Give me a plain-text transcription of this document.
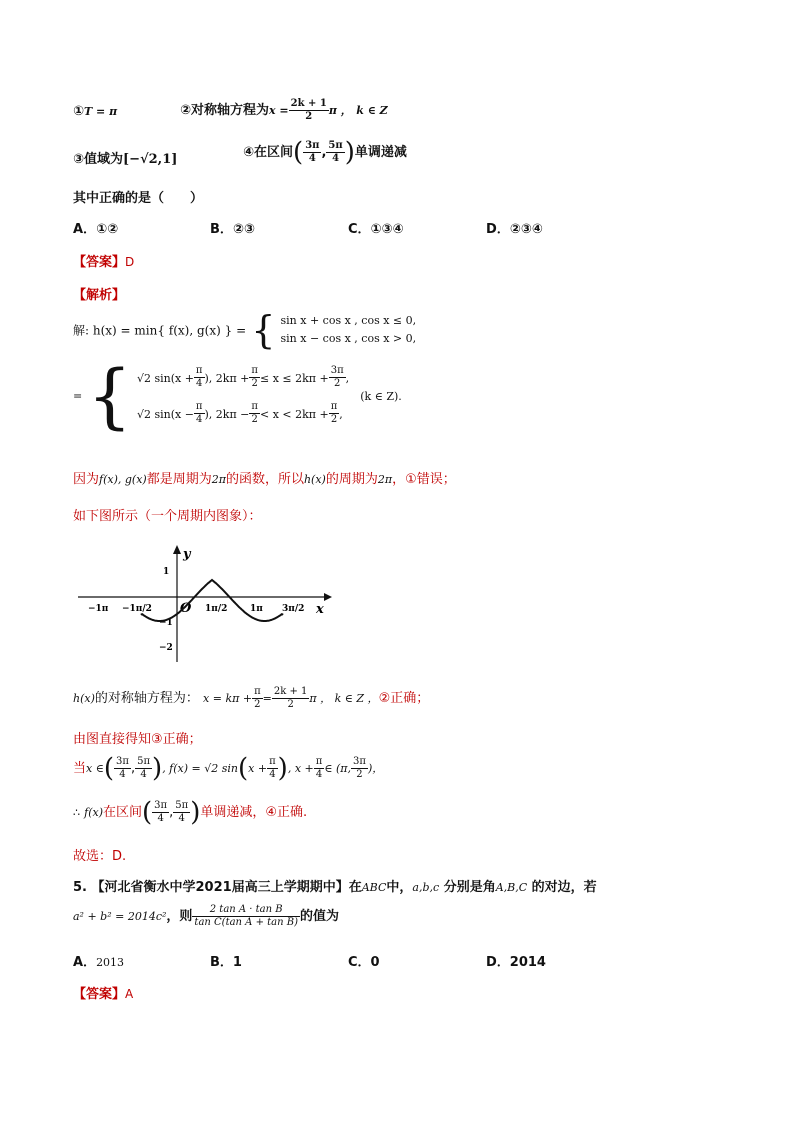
①T = π	②对称轴方程为$x = \frac{2k + 1}{2}$ π ， k ∈ Z
③值域为[−√2,1]	④在区间( $\frac{3\pi}{4}$ , $\frac{5\pi}{4}$ )单调递减
其中正确的是（　　）
A．①②	B．②③	C．①③④	D．②③④
【答案】D
【解析】
解: h(x) = min{ f(x), g(x) } = { sin x + cos x , cos x ≤ 0,
sin x − cos x , cos x > 0,
= { √2 $\sin(x + \frac{\pi}{4}$ ), $2k\pi + \frac{\pi}{2} \le x \le 2k\pi + \frac{3\pi}{2}$ ,
√2 $\sin(x - \frac{\pi}{4}$ ), $2k\pi - \frac{\pi}{2} < x < 2k\pi + \frac{\pi}{2}$ ,
(k ∈ Z).
因为f(x), g(x)都是周期为2π的函数，所以h(x)的周期为2π，①错误；
如下图所示（一个周期内图象）：
y
x
O
−1π −1π/2	1π/2	1π 3π/2
1
−1
−2
h(x)的对称轴方程为： $x = k\pi + \frac{\pi}{2} = \frac{2k + 1}{2}$ π ， k ∈ Z ，②正确；
由图直接得知③正确；
当x ∈( $\frac{3\pi}{4}$ , $\frac{5\pi}{4}$ ), f(x) = √2 $\sin(x + \frac{\pi}{4}$ ), $x + \frac{\pi}{4}$ ∈ (π, $\frac{3\pi}{2}$ )，
∴ f(x)在区间( $\frac{3\pi}{4}$ , $\frac{5\pi}{4}$ )单调递减，④正确.
故选：D.
5. 【河北省衡水中学2021届高三上学期期中】在ABC中，a,b,c 分别是角A,B,C 的对边，若
a² + b² = 2014c²，则 $\frac{\text{2 tan A · tan B}}{\text{tan C(tan A + tan B)}}$ 的值为
A．2013	B．1	C．0	D．2014
【答案】A
